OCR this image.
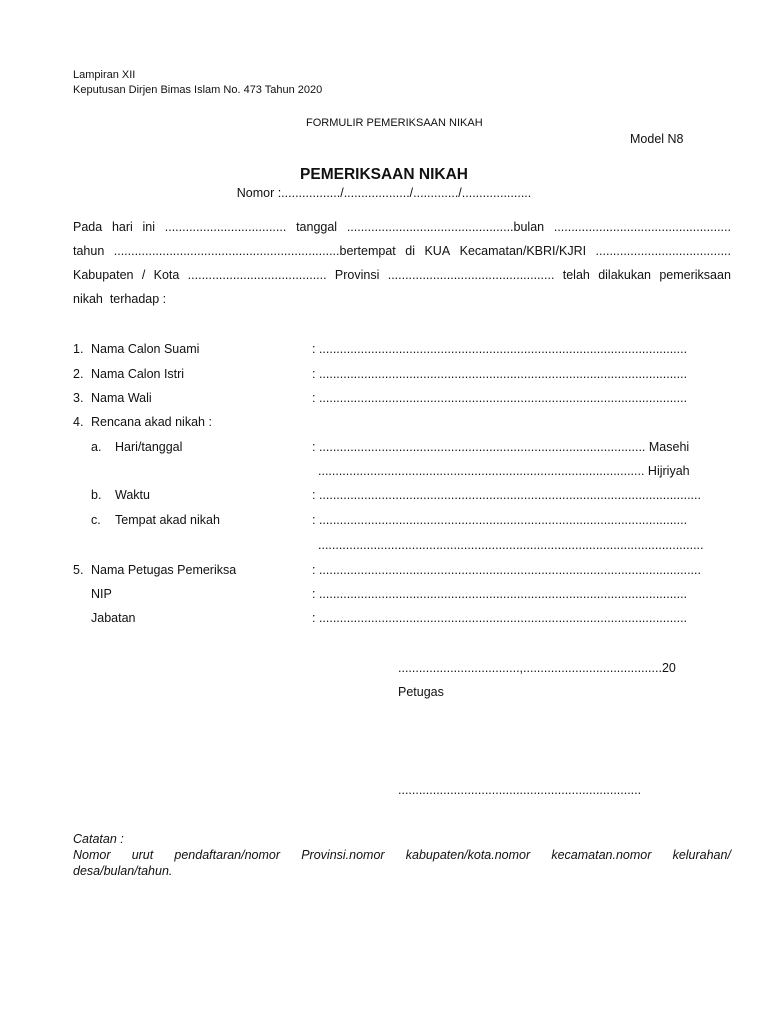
Lampiran XII
Keputusan Dirjen Bimas Islam No. 473 Tahun 2020
FORMULIR PEMERIKSAAN NIKAH
Model N8
PEMERIKSAAN NIKAH
Nomor :................./.................../............./....................
Pada hari ini ................................... tanggal ................................................bulan ...................................................
tahun .................................................................bertempat di KUA Kecamatan/KBRI/KJRI .......................................
Kabupaten / Kota ........................................ Provinsi ................................................ telah dilakukan pemeriksaan
nikah  terhadap :
1. Nama Calon Suami	: ..........................................................................................................
2. Nama Calon Istri	: ..........................................................................................................
3. Nama Wali	: ..........................................................................................................
4. Rencana akad nikah :
a. Hari/tanggal	: .............................................................................................. Masehi
.............................................................................................. Hijriyah
b. Waktu	: ..............................................................................................................
c. Tempat akad nikah	: ..........................................................................................................
...............................................................................................................
5. Nama Petugas Pemeriksa	: ..............................................................................................................
NIP	: ..........................................................................................................
Jabatan	: ..........................................................................................................
...................................,........................................20
Petugas
......................................................................
Catatan :
Nomor urut pendaftaran/nomor Provinsi.nomor kabupaten/kota.nomor kecamatan.nomor kelurahan/
desa/bulan/tahun.
